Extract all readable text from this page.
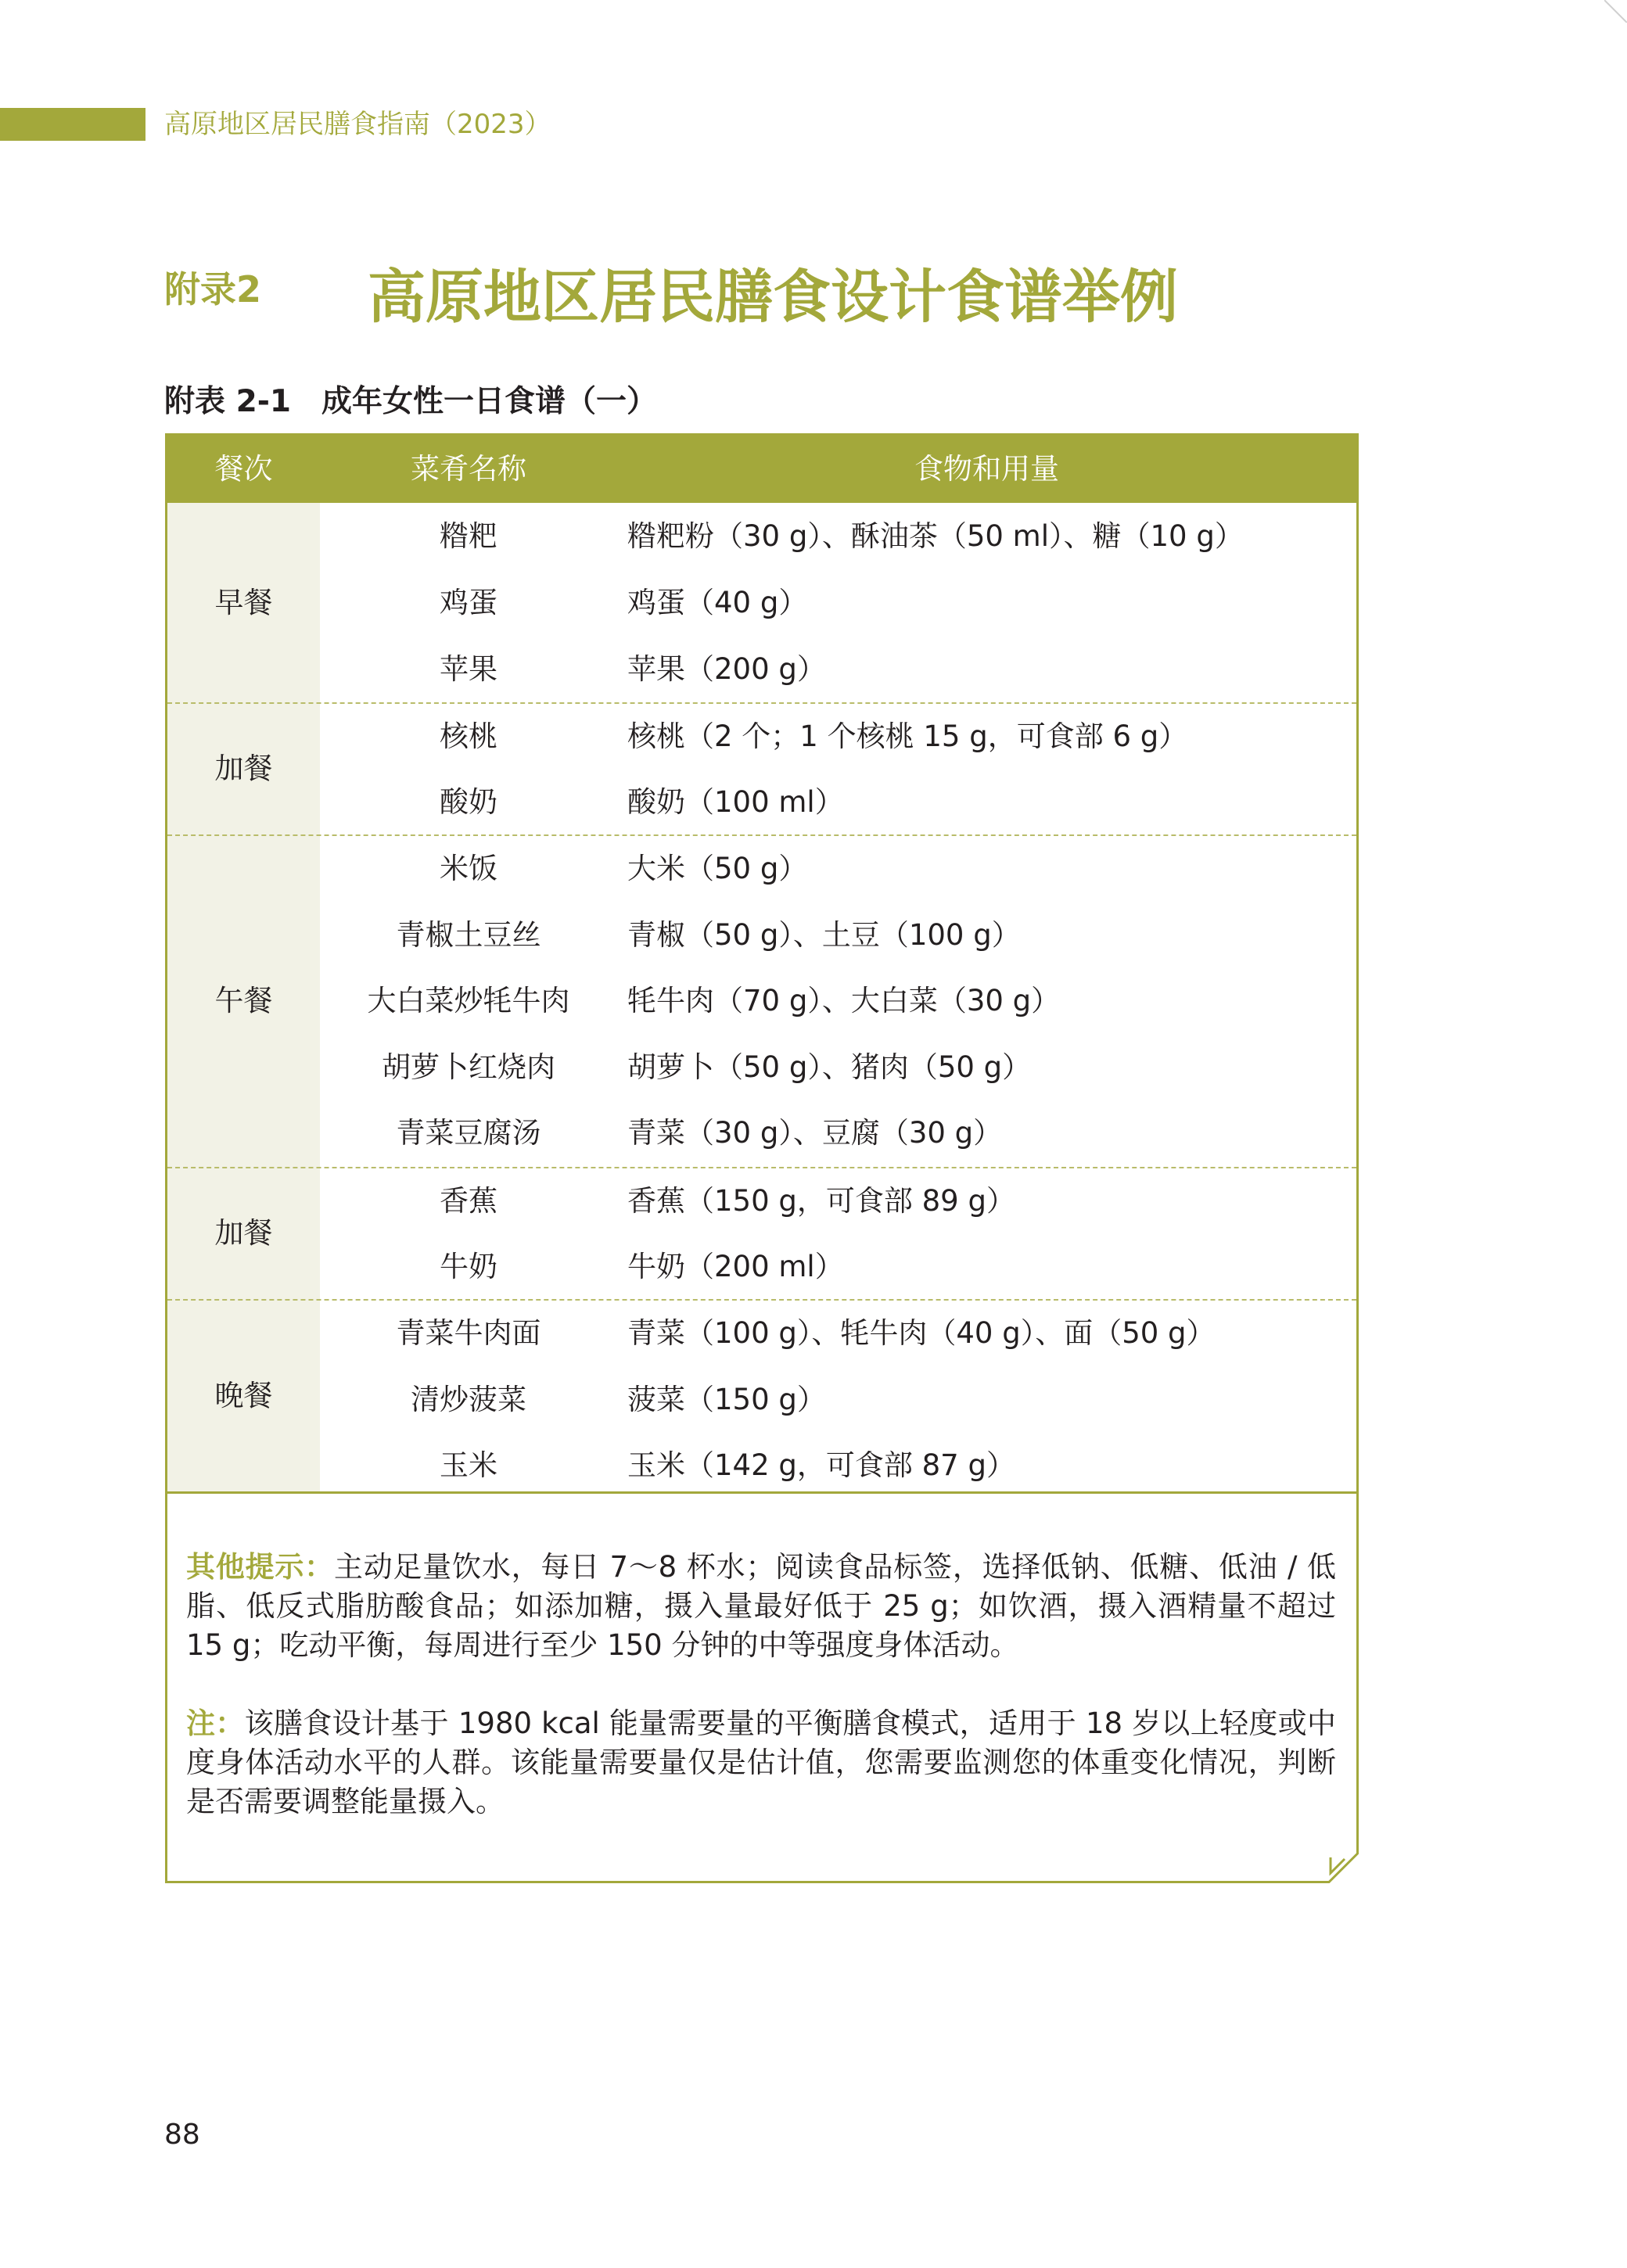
高原地区居民膳食指南（2023）
附录2 高原地区居民膳食设计食谱举例
附表 2-1　成年女性一日食谱（一）
餐次	菜肴名称	食物和用量
早餐
糌粑	糌粑粉（30 g）、酥油茶（50 ml）、糖（10 g）
鸡蛋	鸡蛋（40 g）
苹果	苹果（200 g）
加餐
核桃	核桃（2 个；1 个核桃 15 g，可食部 6 g）
酸奶	酸奶（100 ml）
午餐
米饭	大米（50 g）
青椒土豆丝	青椒（50 g）、土豆（100 g）
大白菜炒牦牛肉	牦牛肉（70 g）、大白菜（30 g）
胡萝卜红烧肉	胡萝卜（50 g）、猪肉（50 g）
青菜豆腐汤	青菜（30 g）、豆腐（30 g）
加餐
香蕉	香蕉（150 g，可食部 89 g）
牛奶	牛奶（200 ml）
晚餐
青菜牛肉面	青菜（100 g）、牦牛肉（40 g）、面（50 g）
清炒菠菜	菠菜（150 g）
玉米	玉米（142 g，可食部 87 g）
其他提示：主动足量饮水，每日 7～8 杯水；阅读食品标签，选择低钠、低糖、低油 / 低脂、低反式脂肪酸食品；如添加糖，摄入量最好低于 25 g；如饮酒，摄入酒精量不超过 15 g；吃动平衡，每周进行至少 150 分钟的中等强度身体活动。
注：该膳食设计基于 1980 kcal 能量需要量的平衡膳食模式，适用于 18 岁以上轻度或中度身体活动水平的人群。该能量需要量仅是估计值，您需要监测您的体重变化情况，判断是否需要调整能量摄入。
88
